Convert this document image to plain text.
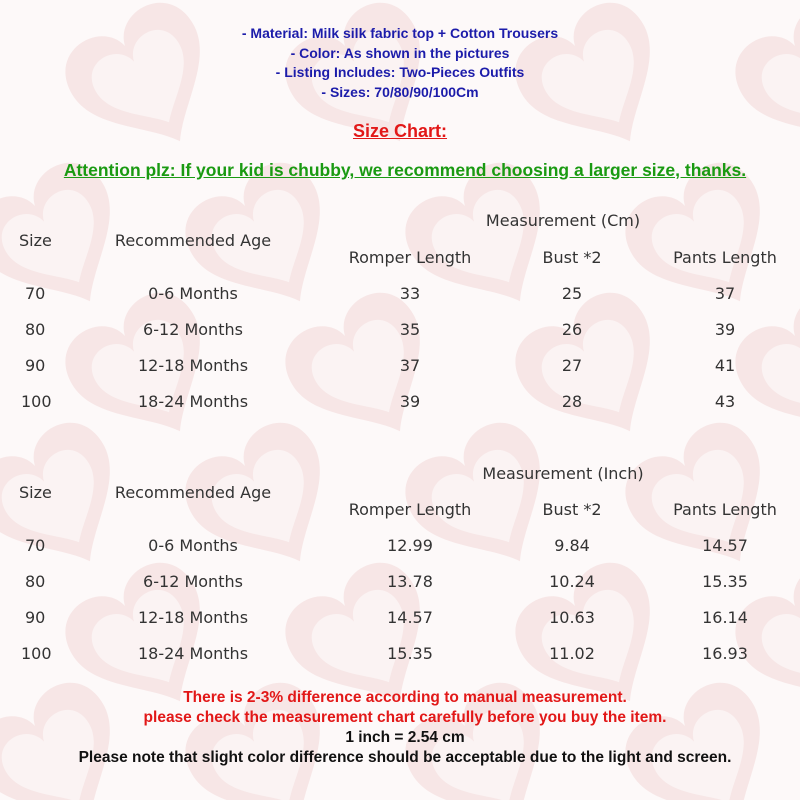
- Material: Milk silk fabric top + Cotton Trousers
- Color: As shown in the pictures
- Listing Includes: Two-Pieces Outfits
- Sizes: 70/80/90/100Cm
Size Chart:
Attention plz: If your kid is chubby, we recommend choosing a larger size, thanks.
Measurement (Cm)
Size	Recommended Age
Romper Length	Bust *2	Pants Length
70	0-6 Months	33	25	37
80	6-12 Months	35	26	39
90	12-18 Months	37	27	41
100	18-24 Months	39	28	43
Measurement (Inch)
Size	Recommended Age
Romper Length	Bust *2	Pants Length
70	0-6 Months	12.99	9.84	14.57
80	6-12 Months	13.78	10.24	15.35
90	12-18 Months	14.57	10.63	16.14
100	18-24 Months	15.35	11.02	16.93
There is 2-3% difference according to manual measurement.
please check the measurement chart carefully before you buy the item.
1 inch = 2.54 cm
Please note that slight color difference should be acceptable due to the light and screen.
